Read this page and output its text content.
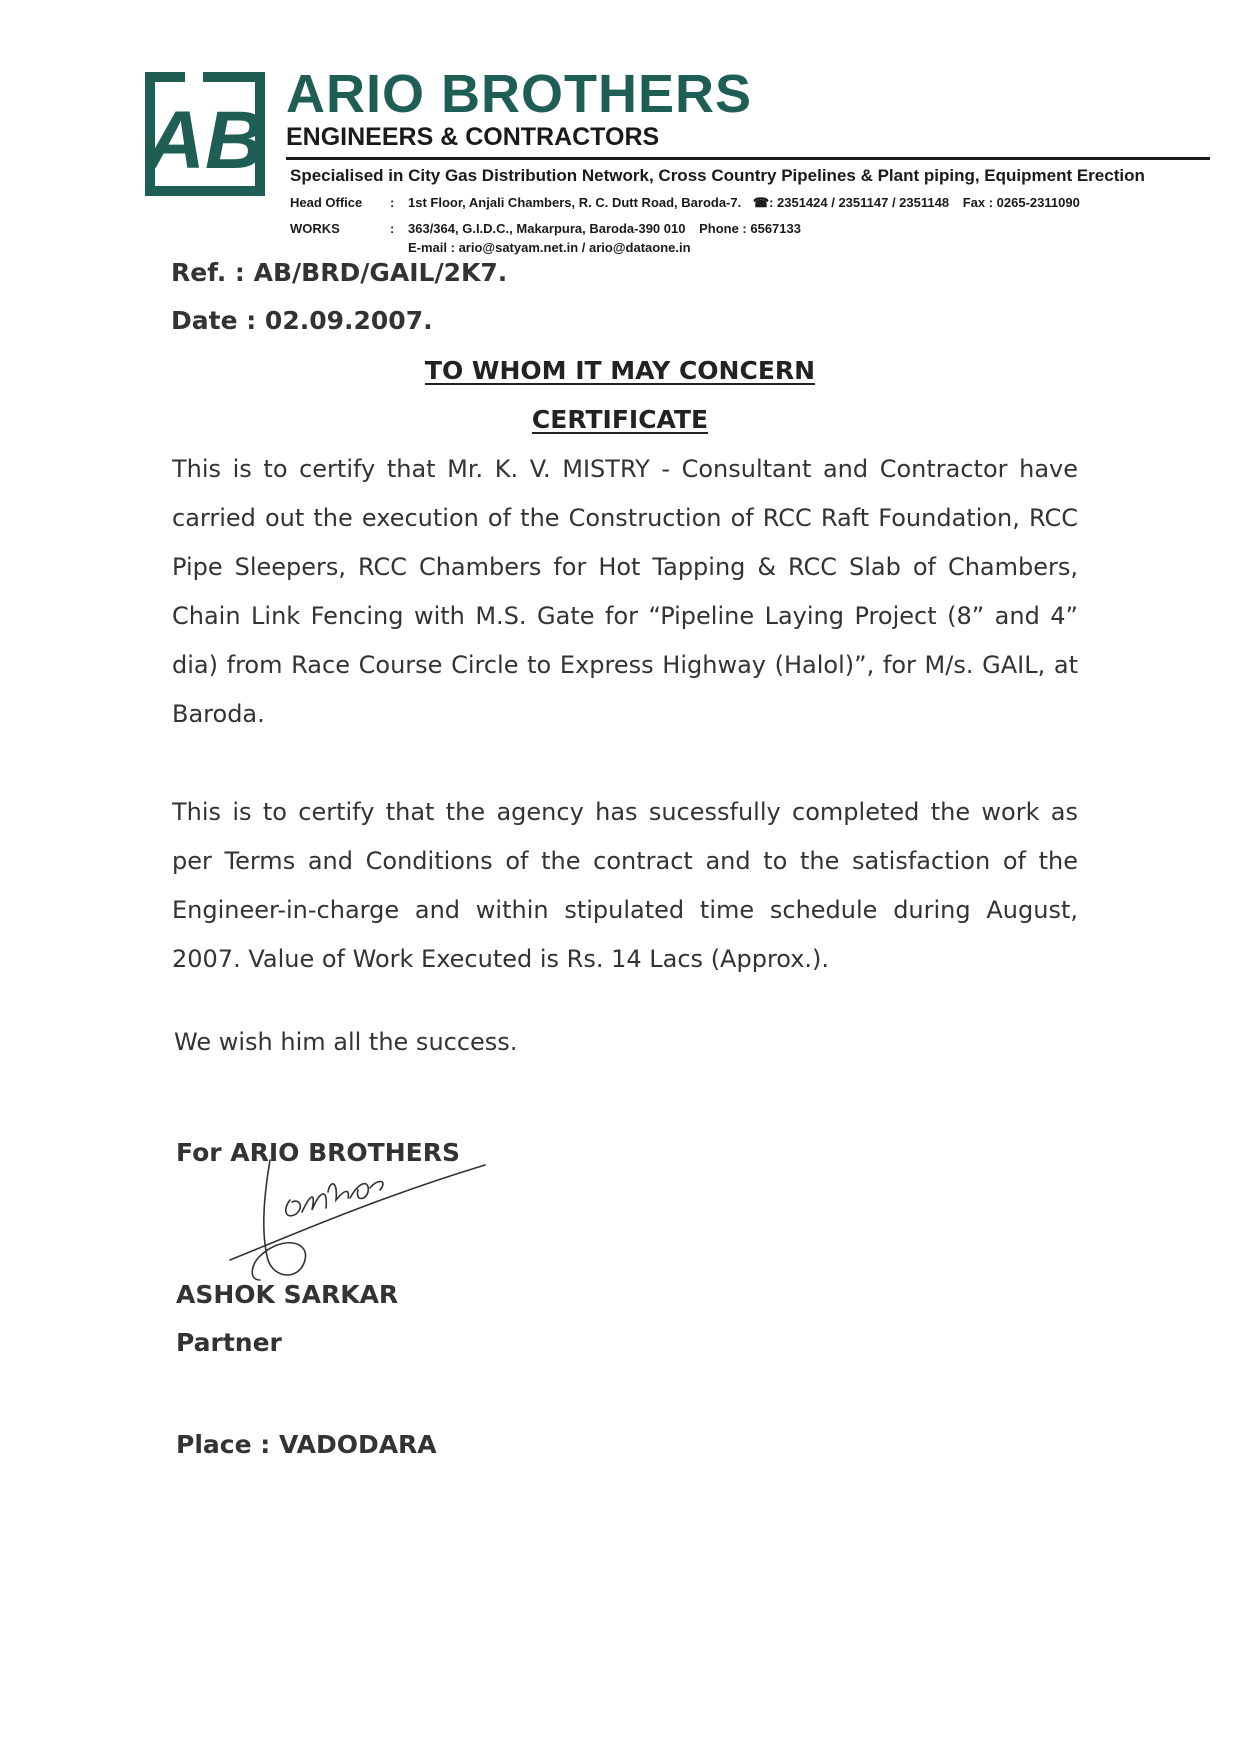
AB
ARIO BROTHERS
ENGINEERS & CONTRACTORS
Specialised in City Gas Distribution Network, Cross Country Pipelines & Plant piping, Equipment Erection
Head Office : 1st Floor, Anjali Chambers, R. C. Dutt Road, Baroda-7. ☎: 2351424 / 2351147 / 2351148 Fax : 0265-2311090
WORKS	: 363/364, G.I.D.C., Makarpura, Baroda-390 010 Phone : 6567133
E-mail : ario@satyam.net.in / ario@dataone.in
Ref. : AB/BRD/GAIL/2K7.
Date : 02.09.2007.
TO WHOM IT MAY CONCERN
CERTIFICATE
This is to certify that Mr. K. V. MISTRY - Consultant and Contractor have carried out the execution of the Construction of RCC Raft Foundation, RCC Pipe Sleepers, RCC Chambers for Hot Tapping & RCC Slab of Chambers, Chain Link Fencing with M.S. Gate for “Pipeline Laying Project (8” and 4” dia) from Race Course Circle to Express Highway (Halol)”, for M/s. GAIL, at Baroda.
This is to certify that the agency has sucessfully completed the work as per Terms and Conditions of the contract and to the satisfaction of the Engineer-in-charge and within stipulated time schedule during August, 2007. Value of Work Executed is Rs. 14 Lacs (Approx.).
We wish him all the success.
For ARIO BROTHERS
ASHOK SARKAR
Partner
Place : VADODARA
